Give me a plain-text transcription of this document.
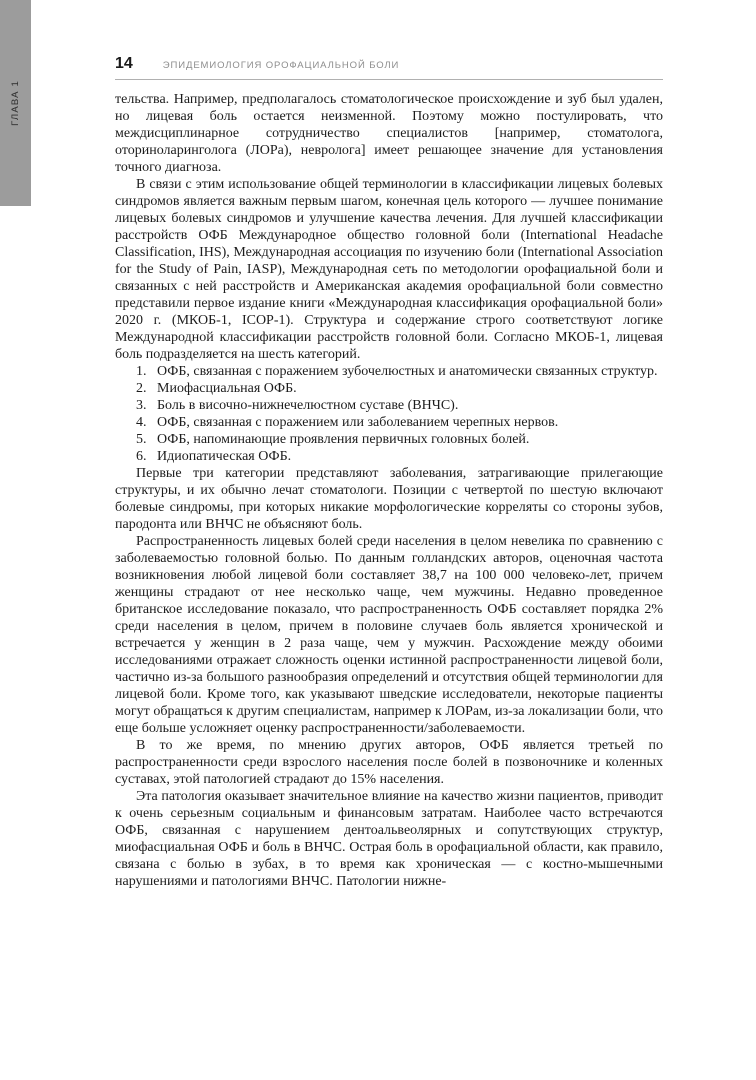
ГЛАВА 1
14	ЭПИДЕМИОЛОГИЯ ОРОФАЦИАЛЬНОЙ БОЛИ

тельства. Например, предполагалось стоматологическое происхождение и зуб был удален, но лицевая боль остается неизменной. Поэтому можно постулировать, что междисциплинарное сотрудничество специалистов [например, стоматолога, оториноларинголога (ЛОРа), невролога] имеет решающее значение для установления точного диагноза.

В связи с этим использование общей терминологии в классификации лицевых болевых синдромов является важным первым шагом, конечная цель которого — лучшее понимание лицевых болевых синдромов и улучшение качества лечения. Для лучшей классификации расстройств ОФБ Международное общество головной боли (International Headache Classification, IHS), Международная ассоциация по изучению боли (International Association for the Study of Pain, IASP), Международная сеть по методологии орофациальной боли и связанных с ней расстройств и Американская академия орофациальной боли совместно представили первое издание книги «Международная классификация орофациальной боли» 2020 г. (МКОБ-1, ICOP-1). Структура и содержание строго соответствуют логике Международной классификации расстройств головной боли. Согласно МКОБ-1, лицевая боль подразделяется на шесть категорий.

1. ОФБ, связанная с поражением зубочелюстных и анатомически связанных структур.
2. Миофасциальная ОФБ.
3. Боль в височно-нижнечелюстном суставе (ВНЧС).
4. ОФБ, связанная с поражением или заболеванием черепных нервов.
5. ОФБ, напоминающие проявления первичных головных болей.
6. Идиопатическая ОФБ.

Первые три категории представляют заболевания, затрагивающие прилегающие структуры, и их обычно лечат стоматологи. Позиции с четвертой по шестую включают болевые синдромы, при которых никакие морфологические корреляты со стороны зубов, пародонта или ВНЧС не объясняют боль.

Распространенность лицевых болей среди населения в целом невелика по сравнению с заболеваемостью головной болью. По данным голландских авторов, оценочная частота возникновения любой лицевой боли составляет 38,7 на 100 000 человеко-лет, причем женщины страдают от нее несколько чаще, чем мужчины. Недавно проведенное британское исследование показало, что распространенность ОФБ составляет порядка 2% среди населения в целом, причем в половине случаев боль является хронической и встречается у женщин в 2 раза чаще, чем у мужчин. Расхождение между обоими исследованиями отражает сложность оценки истинной распространенности лицевой боли, частично из-за большого разнообразия определений и отсутствия общей терминологии для лицевой боли. Кроме того, как указывают шведские исследователи, некоторые пациенты могут обращаться к другим специалистам, например к ЛОРам, из-за локализации боли, что еще больше усложняет оценку распространенности/заболеваемости.

В то же время, по мнению других авторов, ОФБ является третьей по распространенности среди взрослого населения после болей в позвоночнике и коленных суставах, этой патологией страдают до 15% населения.

Эта патология оказывает значительное влияние на качество жизни пациентов, приводит к очень серьезным социальным и финансовым затратам. Наиболее часто встречаются ОФБ, связанная с нарушением дентоальвеолярных и сопутствующих структур, миофасциальная ОФБ и боль в ВНЧС. Острая боль в орофациальной области, как правило, связана с болью в зубах, в то время как хроническая — с костно-мышечными нарушениями и патологиями ВНЧС. Патологии нижне-
